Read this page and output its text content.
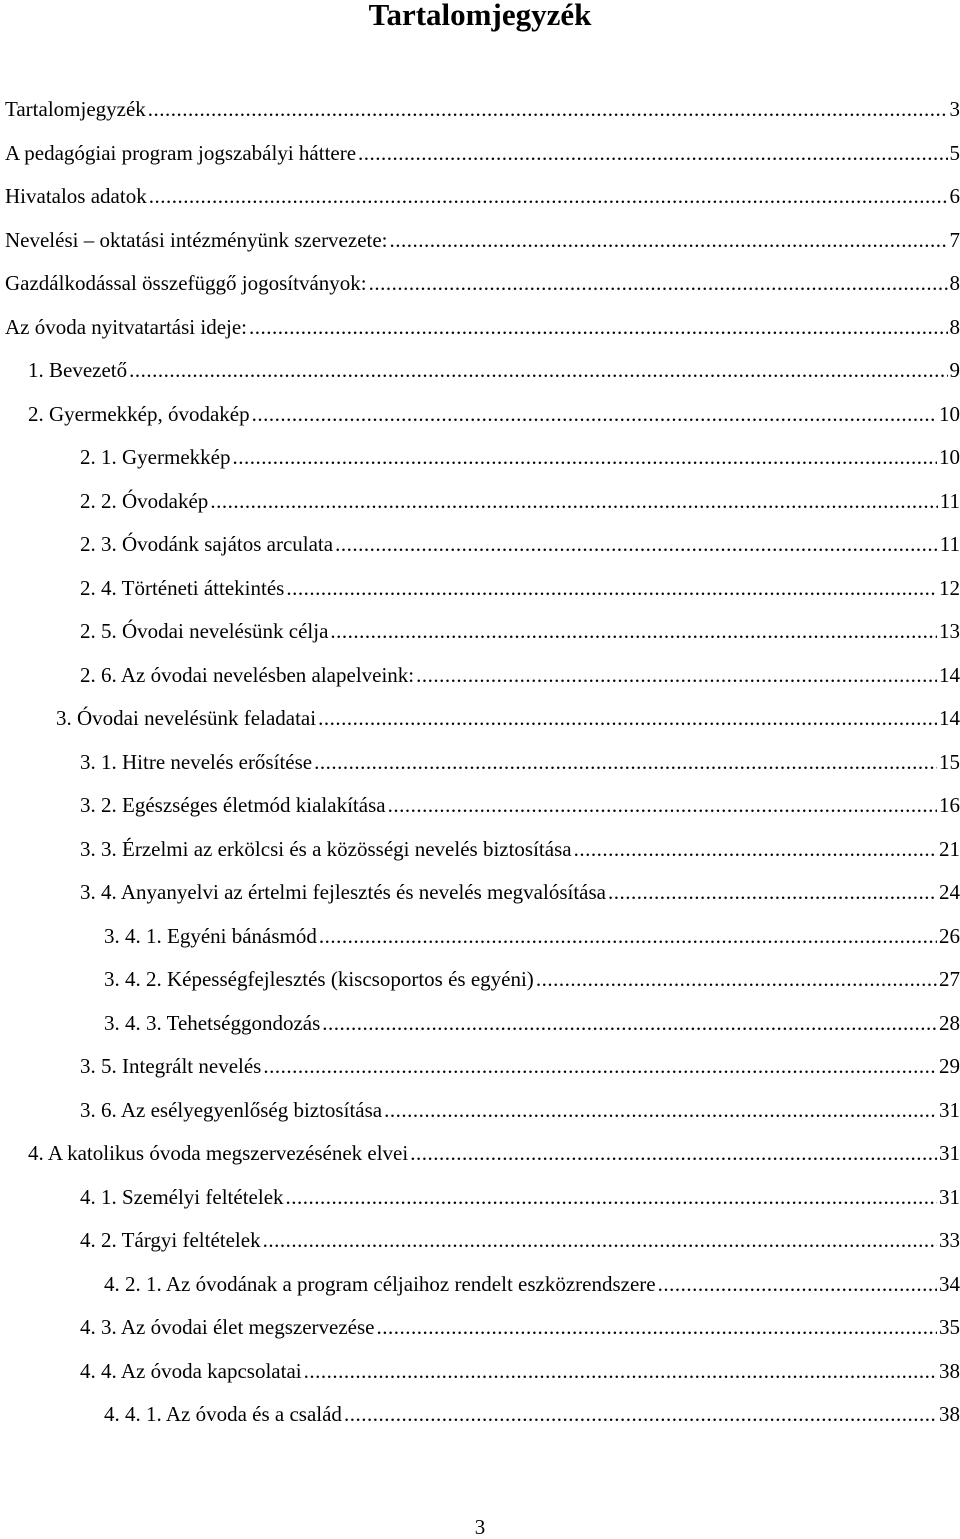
Tartalomjegyzék
Tartalomjegyzék .....	3
A pedagógiai program jogszabályi háttere .....	5
Hivatalos adatok .....	6
Nevelési – oktatási intézményünk szervezete: .....	7
Gazdálkodással összefüggő jogosítványok: .....	8
Az óvoda nyitvatartási ideje: .....	8
1. Bevezető .....	9
2. Gyermekkép, óvodakép .....	10
2. 1. Gyermekkép .....	10
2. 2. Óvodakép .....	11
2. 3. Óvodánk sajátos arculata .....	11
2. 4. Történeti áttekintés .....	12
2. 5. Óvodai nevelésünk célja .....	13
2. 6. Az óvodai nevelésben alapelveink: .....	14
3. Óvodai nevelésünk feladatai .....	14
3. 1. Hitre nevelés erősítése .....	15
3. 2. Egészséges életmód kialakítása .....	16
3. 3. Érzelmi az erkölcsi és a közösségi nevelés biztosítása .....	21
3. 4. Anyanyelvi az értelmi fejlesztés és nevelés megvalósítása .....	24
3. 4. 1. Egyéni bánásmód .....	26
3. 4. 2. Képességfejlesztés (kiscsoportos és egyéni) .....	27
3. 4. 3. Tehetséggondozás .....	28
3. 5. Integrált nevelés .....	29
3. 6. Az esélyegyenlőség biztosítása .....	31
4. A katolikus óvoda megszervezésének elvei .....	31
4. 1. Személyi feltételek .....	31
4. 2. Tárgyi feltételek .....	33
4. 2. 1. Az óvodának a program céljaihoz rendelt eszközrendszere .....	34
4. 3. Az óvodai élet megszervezése .....	35
4. 4. Az óvoda kapcsolatai .....	38
4. 4. 1. Az óvoda és a család .....	38
3
